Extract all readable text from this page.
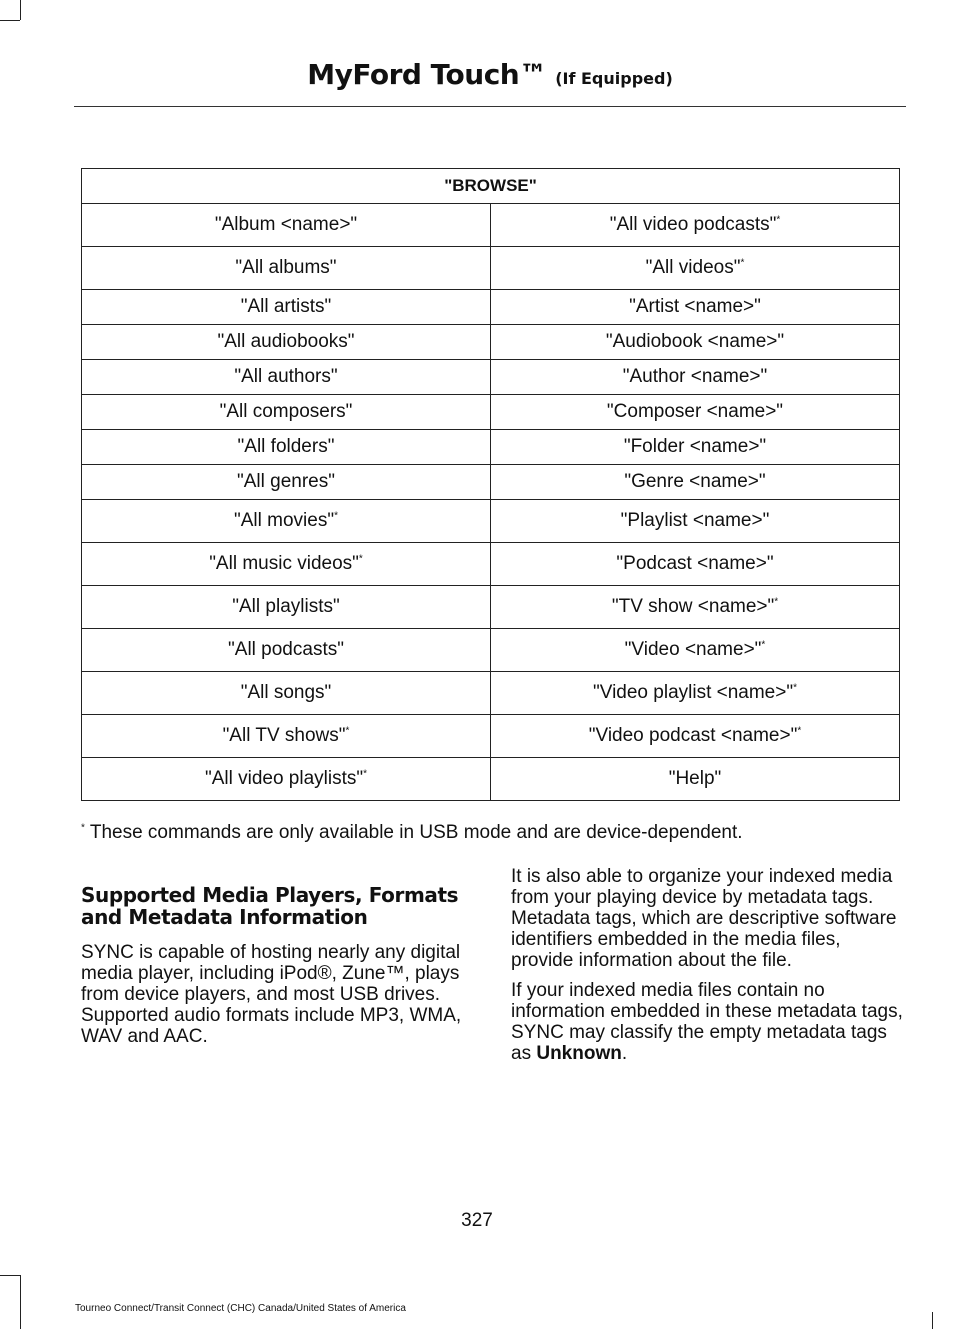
MyFord Touch™ (If Equipped)
"BROWSE"	
"Album <name>"	"All video podcasts"*
"All albums"	"All videos"*
"All artists"	"Artist <name>"
"All audiobooks"	"Audiobook <name>"
"All authors"	"Author <name>"
"All composers"	"Composer <name>"
"All folders"	"Folder <name>"
"All genres"	"Genre <name>"
"All movies"*	"Playlist <name>"
"All music videos"*	"Podcast <name>"
"All playlists"	"TV show <name>"*
"All podcasts"	"Video <name>"*
"All songs"	"Video playlist <name>"*
"All TV shows"*	"Video podcast <name>"*
"All video playlists"*	"Help"
* These commands are only available in USB mode and are device-dependent.
Supported Media Players, Formats and Metadata Information

SYNC is capable of hosting nearly any digital media player, including iPod®, Zune™, plays from device players, and most USB drives. Supported audio formats include MP3, WMA, WAV and AAC.

It is also able to organize your indexed media from your playing device by metadata tags. Metadata tags, which are descriptive software identifiers embedded in the media files, provide information about the file.

If your indexed media files contain no information embedded in these metadata tags, SYNC may classify the empty metadata tags as Unknown.

327
Tourneo Connect/Transit Connect (CHC) Canada/United States of America
